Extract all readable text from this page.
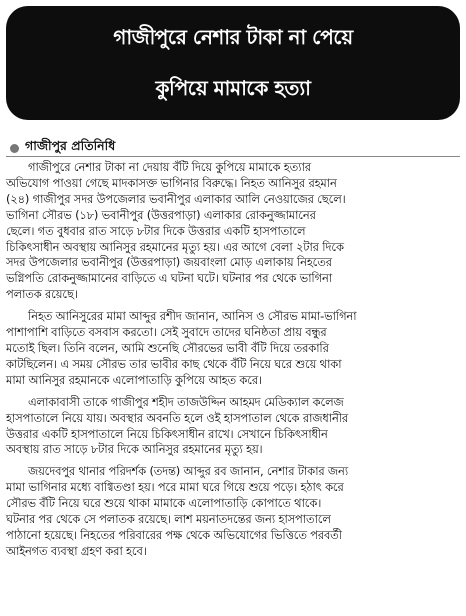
গাজীপুরে নেশার টাকা না পেয়ে
কুপিয়ে মামাকে হত্যা
গাজীপুর প্রতিনিধি
গাজীপুরে নেশার টাকা না দেয়ায় বঁটি দিয়ে কুপিয়ে মামাকে হত্যার
অভিযোগ পাওয়া গেছে মাদকাসক্ত ভাগিনার বিরুদ্ধে। নিহত আনিসুর রহমান
(২৪) গাজীপুর সদর উপজেলার ভবানীপুর এলাকার আলি নেওয়াজের ছেলে।
ভাগিনা সৌরভ (১৮) ভবানীপুর (উত্তরপাড়া) এলাকার রোকনুজ্জামানের
ছেলে। গত বুধবার রাত সাড়ে ৮টার দিকে উত্তরার একটি হাসপাতালে
চিকিৎসাধীন অবস্থায় আনিসুর রহমানের মৃত্যু হয়। এর আগে বেলা ২টার দিকে
সদর উপজেলার ভবানীপুর (উত্তরপাড়া) জয়বাংলা মোড় এলাকায় নিহতের
ভগ্নিপতি রোকনুজ্জামানের বাড়িতে এ ঘটনা ঘটে। ঘটনার পর থেকে ভাগিনা
পলাতক রয়েছে।
নিহত আনিসুরের মামা আব্দুর রশীদ জানান, আনিস ও সৌরভ মামা-ভাগিনা
পাশাপাশি বাড়িতে বসবাস করতো। সেই সুবাদে তাদের ঘনিষ্ঠতা প্রায় বন্ধুর
মতোই ছিল। তিনি বলেন, আমি শুনেছি সৌরভের ভাবী বঁটি দিয়ে তরকারি
কাটছিলেন। এ সময় সৌরভ তার ভাবীর কাছ থেকে বঁটি নিয়ে ঘরে শুয়ে থাকা
মামা আনিসুর রহমানকে এলোপাতাড়ি কুপিয়ে আহত করে।
এলাকাবাসী তাকে গাজীপুর শহীদ তাজউদ্দিন আহমদ মেডিক্যাল কলেজ
হাসপাতালে নিয়ে যায়। অবস্থার অবনতি হলে ওই হাসপাতাল থেকে রাজধানীর
উত্তরার একটি হাসপাতালে নিয়ে চিকিৎসাধীন রাখে। সেখানে চিকিৎসাধীন
অবস্থায় রাত সাড়ে ৮টার দিকে আনিসুর রহমানের মৃত্যু হয়।
জয়দেবপুর থানার পরিদর্শক (তদন্ত) আব্দুর রব জানান, নেশার টাকার জন্য
মামা ভাগিনার মধ্যে বাগ্বিতণ্ডা হয়। পরে মামা ঘরে গিয়ে শুয়ে পড়ে। হঠাৎ করে
সৌরভ বঁটি নিয়ে ঘরে শুয়ে থাকা মামাকে এলোপাতাড়ি কোপাতে থাকে।
ঘটনার পর থেকে সে পলাতক রয়েছে। লাশ ময়নাতদন্তের জন্য হাসপাতালে
পাঠানো হয়েছে। নিহতের পরিবারের পক্ষ থেকে অভিযোগের ভিত্তিতে পরবর্তী
আইনগত ব্যবস্থা গ্রহণ করা হবে।
